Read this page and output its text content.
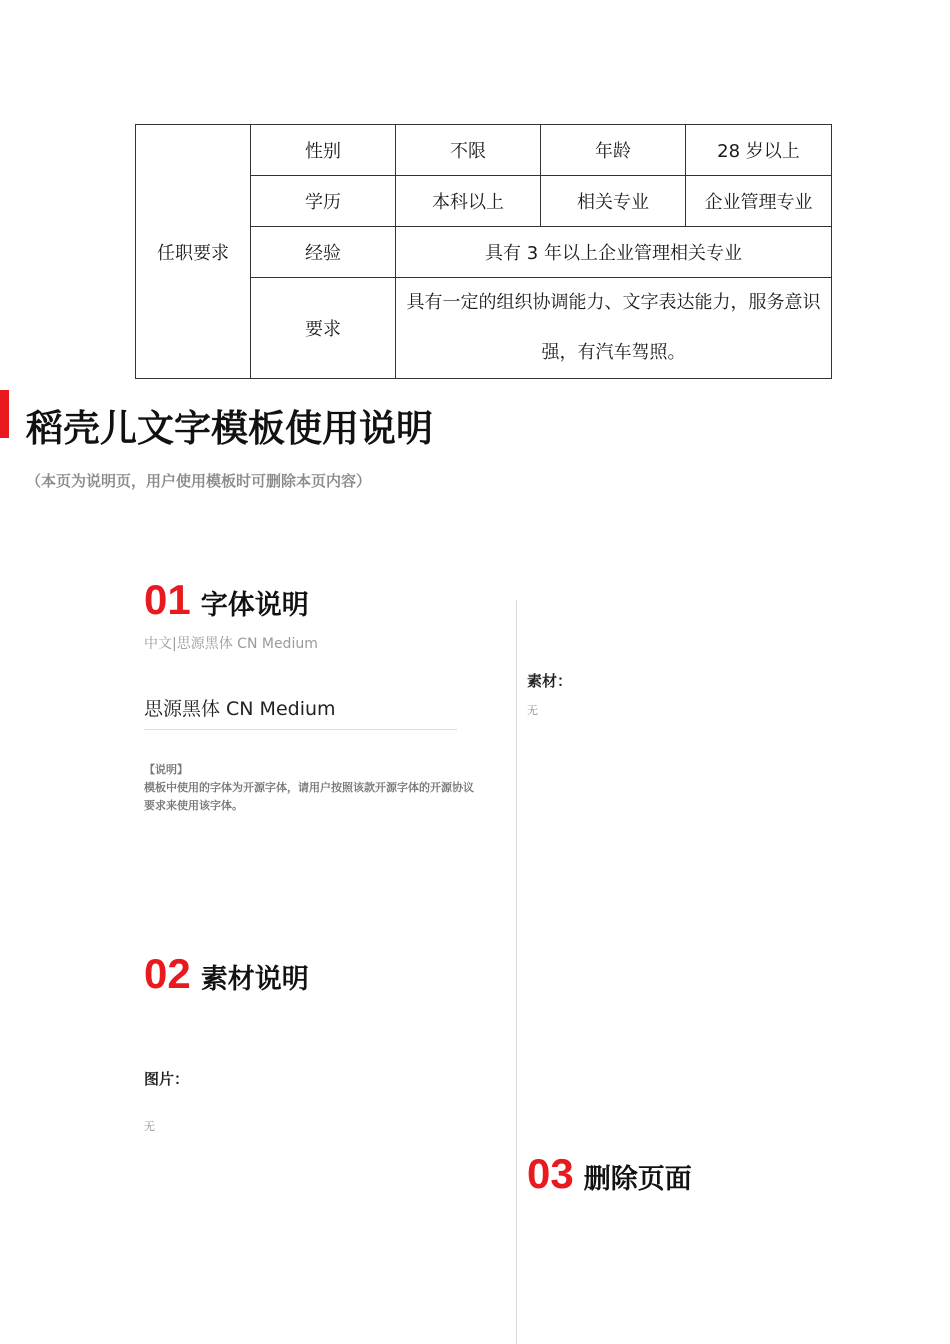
任职要求	性别	不限	年龄	28 岁以上
	学历	本科以上	相关专业	企业管理专业
	经验	具有 3 年以上企业管理相关专业		
	要求	具有一定的组织协调能力、文字表达能力，服务意识强，有汽车驾照。		
稻壳儿文字模板使用说明
（本页为说明页，用户使用模板时可删除本页内容）
01 字体说明
中文|思源黑体 CN Medium
思源黑体 CN Medium
【说明】
模板中使用的字体为开源字体，请用户按照该款开源字体的开源协议要求来使用该字体。
02 素材说明
图片：
无
素材：
无
03 删除页面
